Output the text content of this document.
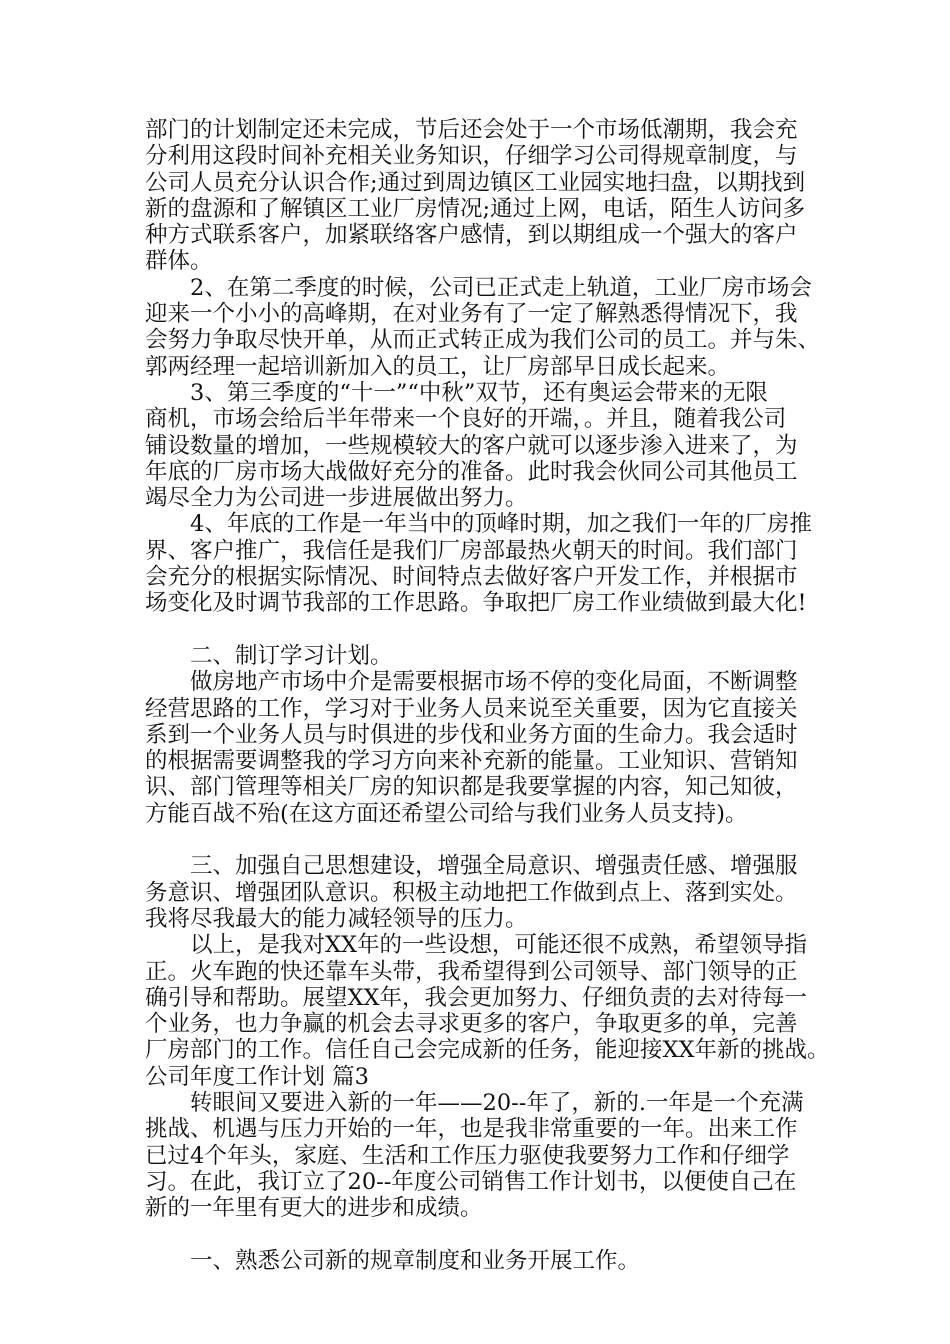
部门的计划制定还未完成，节后还会处于一个市场低潮期，我会充
分利用这段时间补充相关业务知识，仔细学习公司得规章制度，与
公司人员充分认识合作;通过到周边镇区工业园实地扫盘，以期找到
新的盘源和了解镇区工业厂房情况;通过上网，电话，陌生人访问多
种方式联系客户，加紧联络客户感情，到以期组成一个强大的客户
群体。
2、在第二季度的时候，公司已正式走上轨道，工业厂房市场会
迎来一个小小的高峰期，在对业务有了一定了解熟悉得情况下，我
会努力争取尽快开单，从而正式转正成为我们公司的员工。并与朱、
郭两经理一起培训新加入的员工，让厂房部早日成长起来。
3、第三季度的“十一”“中秋”双节，还有奥运会带来的无限
商机，市场会给后半年带来一个良好的开端，。并且，随着我公司
铺设数量的增加，一些规模较大的客户就可以逐步渗入进来了，为
年底的厂房市场大战做好充分的准备。此时我会伙同公司其他员工
竭尽全力为公司进一步进展做出努力。
4、年底的工作是一年当中的顶峰时期，加之我们一年的厂房推
界、客户推广，我信任是我们厂房部最热火朝天的时间。我们部门
会充分的根据实际情况、时间特点去做好客户开发工作，并根据市
场变化及时调节我部的工作思路。争取把厂房工作业绩做到最大化!
二、制订学习计划。
做房地产市场中介是需要根据市场不停的变化局面，不断调整
经营思路的工作，学习对于业务人员来说至关重要，因为它直接关
系到一个业务人员与时俱进的步伐和业务方面的生命力。我会适时
的根据需要调整我的学习方向来补充新的能量。工业知识、营销知
识、部门管理等相关厂房的知识都是我要掌握的内容，知己知彼，
方能百战不殆(在这方面还希望公司给与我们业务人员支持)。
三、加强自己思想建设，增强全局意识、增强责任感、增强服
务意识、增强团队意识。积极主动地把工作做到点上、落到实处。
我将尽我最大的能力减轻领导的压力。
以上，是我对XX年的一些设想，可能还很不成熟，希望领导指
正。火车跑的快还靠车头带，我希望得到公司领导、部门领导的正
确引导和帮助。展望XX年，我会更加努力、仔细负责的去对待每一
个业务，也力争赢的机会去寻求更多的客户，争取更多的单，完善
厂房部门的工作。信任自己会完成新的任务，能迎接XX年新的挑战。
公司年度工作计划 篇3
转眼间又要进入新的一年——20--年了，新的.一年是一个充满
挑战、机遇与压力开始的一年，也是我非常重要的一年。出来工作
已过4个年头，家庭、生活和工作压力驱使我要努力工作和仔细学
习。在此，我订立了20--年度公司销售工作计划书，以便使自己在
新的一年里有更大的进步和成绩。
一、熟悉公司新的规章制度和业务开展工作。
